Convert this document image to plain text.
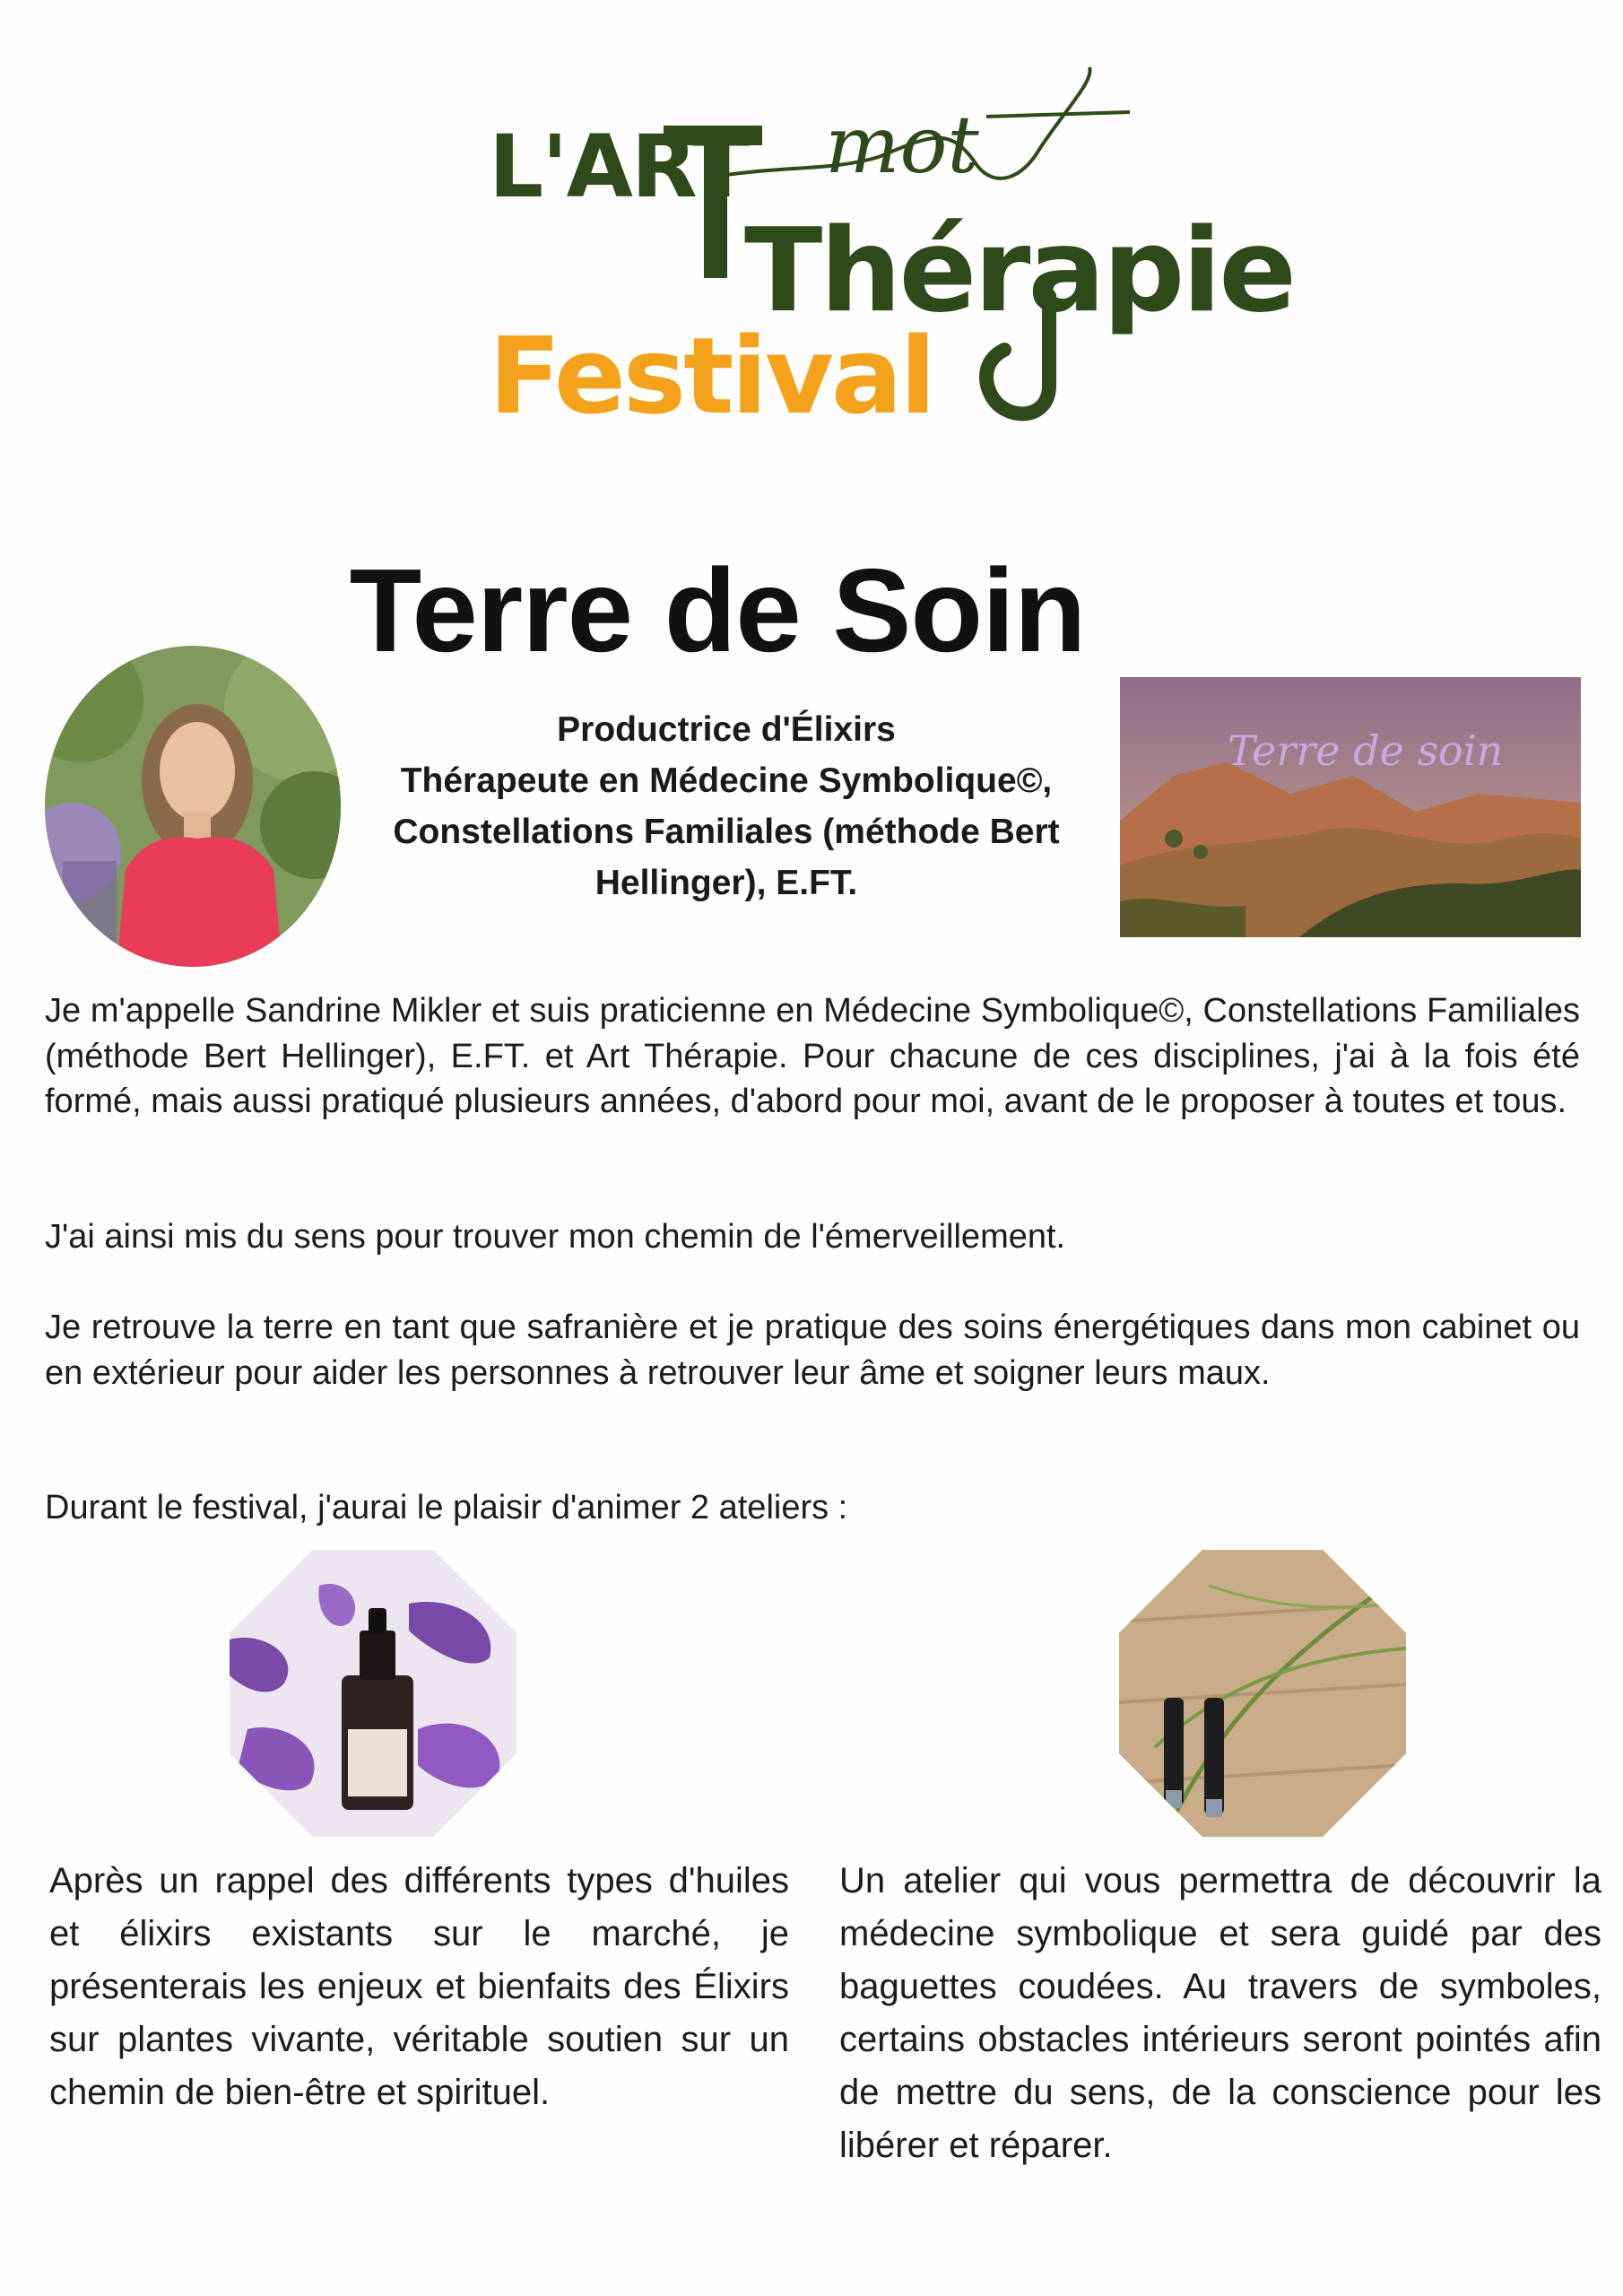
L'ART mot
Thérapie
Festival
Terre de Soin
Productrice d'Élixirs
Thérapeute en Médecine Symbolique©,
Constellations Familiales (méthode Bert
Hellinger), E.FT.
Terre de soin
Je m'appelle Sandrine Mikler et suis praticienne en Médecine Symbolique©, Constellations Familiales (méthode Bert Hellinger), E.FT. et Art Thérapie. Pour chacune de ces disciplines, j'ai à la fois été formé, mais aussi pratiqué plusieurs années, d'abord pour moi, avant de le proposer à toutes et tous.
J'ai ainsi mis du sens pour trouver mon chemin de l'émerveillement.
Je retrouve la terre en tant que safranière et je pratique des soins énergétiques dans mon cabinet ou en extérieur pour aider les personnes à retrouver leur âme et soigner leurs maux.
Durant le festival, j'aurai le plaisir d'animer 2 ateliers :
Après un rappel des différents types d'huiles et élixirs existants sur le marché, je présenterais les enjeux et bienfaits des Élixirs sur plantes vivante, véritable soutien sur un chemin de bien-être et spirituel.
Un atelier qui vous permettra de découvrir la médecine symbolique et sera guidé par des baguettes coudées. Au travers de symboles, certains obstacles intérieurs seront pointés afin de mettre du sens, de la conscience pour les libérer et réparer.
